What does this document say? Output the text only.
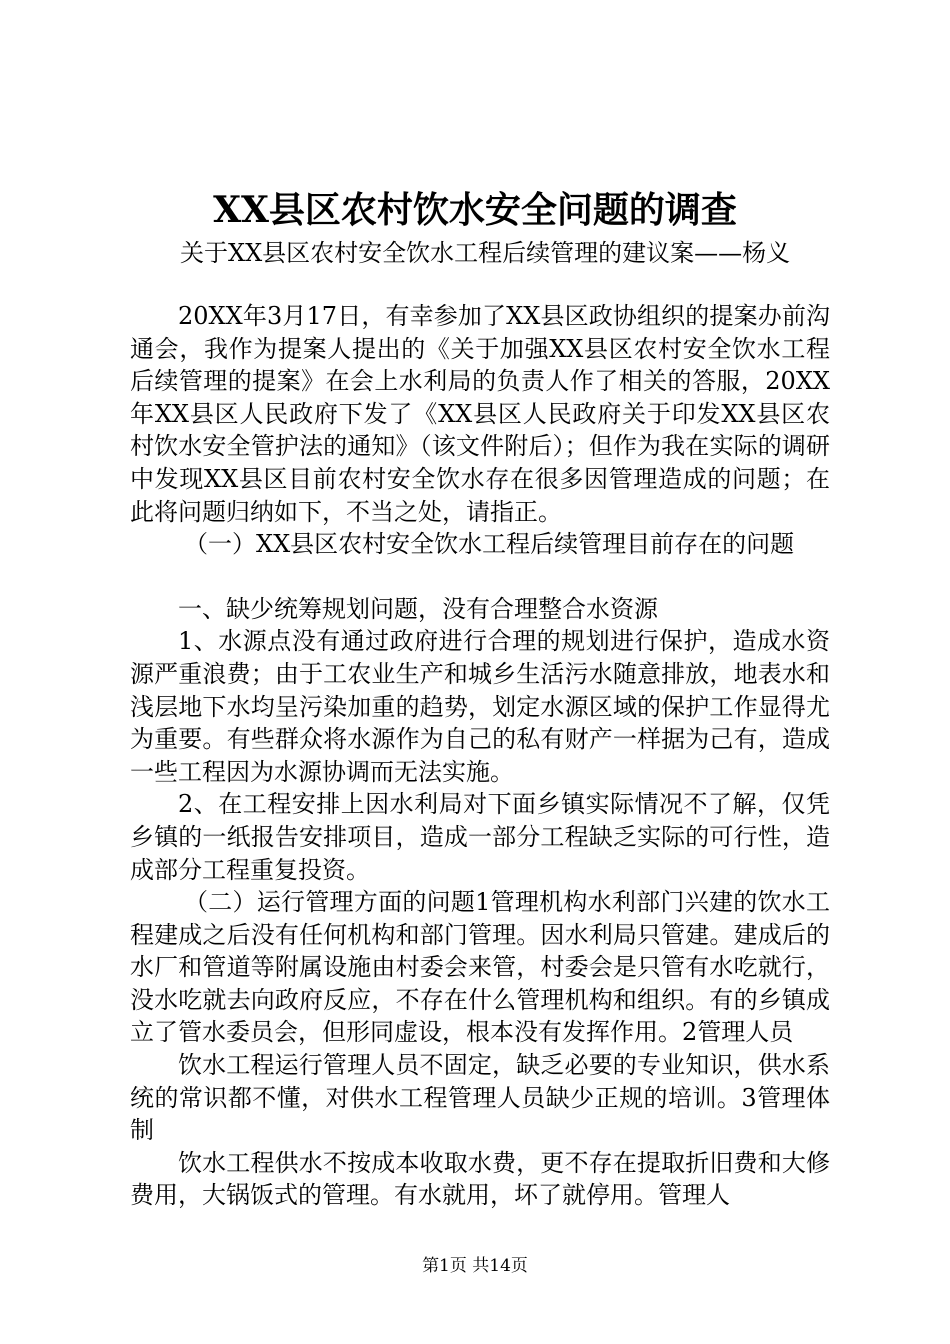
XX县区农村饮水安全问题的调查
关于XX县区农村安全饮水工程后续管理的建议案——杨义

20XX年3月17日，有幸参加了XX县区政协组织的提案办前沟通会，我作为提案人提出的《关于加强XX县区农村安全饮水工程后续管理的提案》在会上水利局的负责人作了相关的答服，20XX年XX县区人民政府下发了《XX县区人民政府关于印发XX县区农村饮水安全管护法的通知》（该文件附后）；但作为我在实际的调研中发现XX县区目前农村安全饮水存在很多因管理造成的问题；在此将问题归纳如下，不当之处，请指正。

（一）XX县区农村安全饮水工程后续管理目前存在的问题

一、缺少统筹规划问题，没有合理整合水资源

1、水源点没有通过政府进行合理的规划进行保护，造成水资源严重浪费；由于工农业生产和城乡生活污水随意排放，地表水和浅层地下水均呈污染加重的趋势，划定水源区域的保护工作显得尤为重要。有些群众将水源作为自己的私有财产一样据为己有，造成一些工程因为水源协调而无法实施。

2、在工程安排上因水利局对下面乡镇实际情况不了解，仅凭乡镇的一纸报告安排项目，造成一部分工程缺乏实际的可行性，造成部分工程重复投资。

（二）运行管理方面的问题1管理机构水利部门兴建的饮水工程建成之后没有任何机构和部门管理。因水利局只管建。建成后的水厂和管道等附属设施由村委会来管，村委会是只管有水吃就行，没水吃就去向政府反应，不存在什么管理机构和组织。有的乡镇成立了管水委员会，但形同虚设，根本没有发挥作用。2管理人员

饮水工程运行管理人员不固定，缺乏必要的专业知识，供水系统的常识都不懂，对供水工程管理人员缺少正规的培训。3管理体制

饮水工程供水不按成本收取水费，更不存在提取折旧费和大修费用，大锅饭式的管理。有水就用，坏了就停用。管理人

第1页 共14页
